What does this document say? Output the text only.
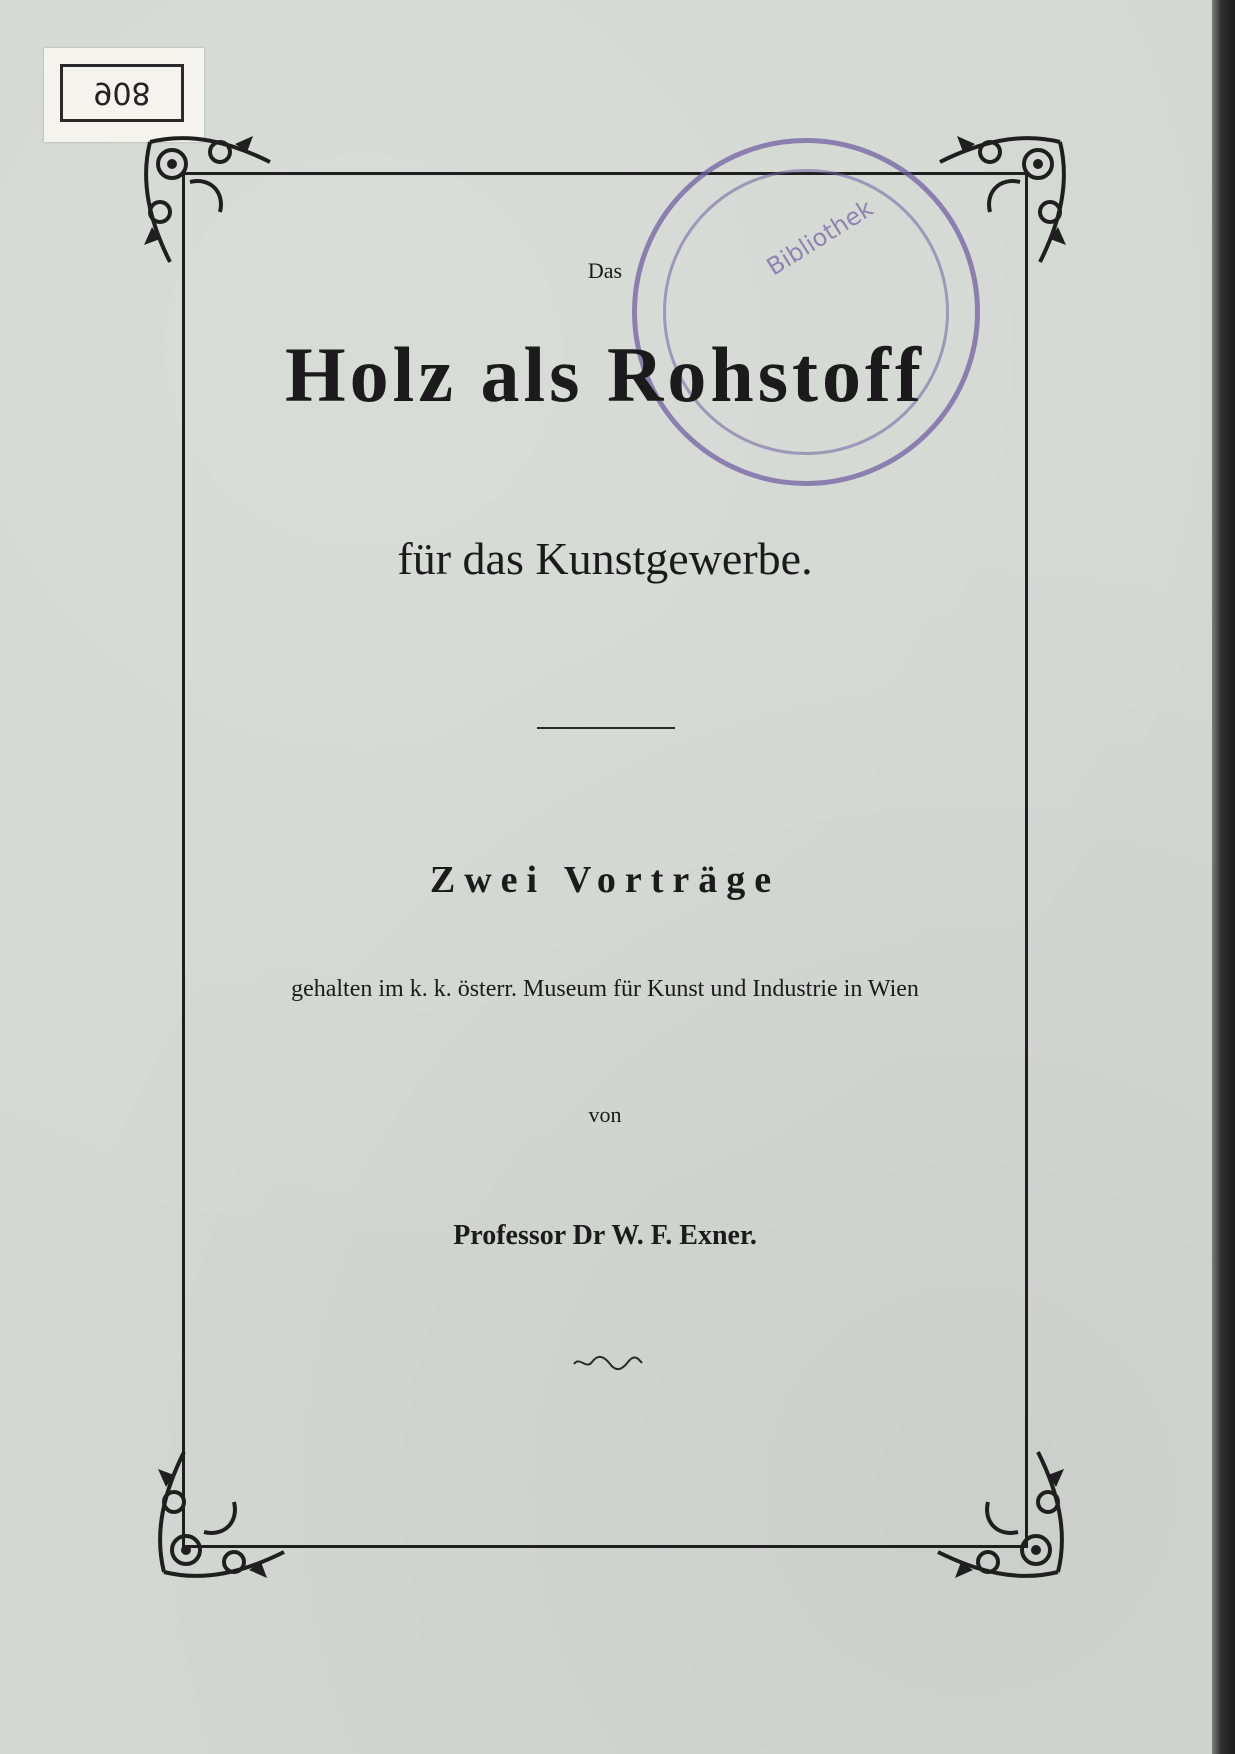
908
Bibliothek

Das

Holz als Rohstoff

für das Kunstgewerbe.

Zwei Vorträge

gehalten im k. k. österr. Museum für Kunst und Industrie in Wien

von

Professor Dr W. F. Exner.
